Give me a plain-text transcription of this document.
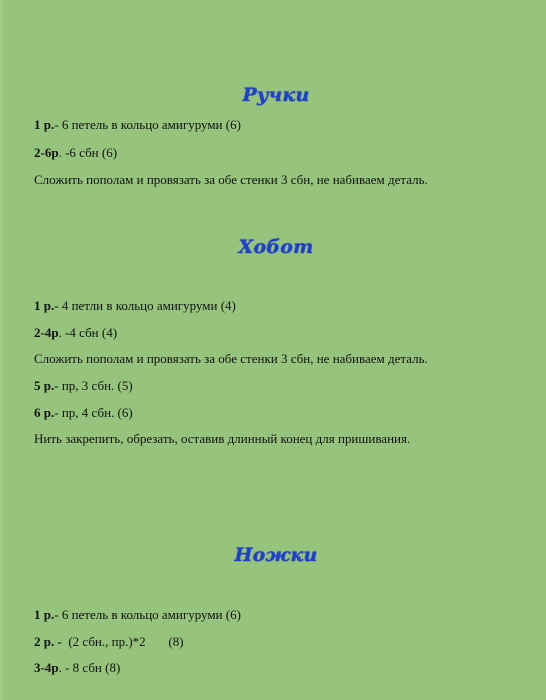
Ручки
1 р.- 6 петель в кольцо амигуруми (6)
2-6р. -6 сбн (6)
Сложить пополам и провязать за обе стенки 3 сбн, не набиваем деталь.
Хобот
1 р.- 4 петли в кольцо амигуруми (4)
2-4р. -4 сбн (4)
Сложить пополам и провязать за обе стенки 3 сбн, не набиваем деталь.
5 р.- пр, 3 сбн. (5)
6 р.- пр, 4 сбн. (6)
Нить закрепить, обрезать, оставив длинный конец для пришивания.
Ножки
1 р.- 6 петель в кольцо амигуруми (6)
2 р. -  (2 сбн., пр.)*2       (8)
3-4р. - 8 сбн (8)
